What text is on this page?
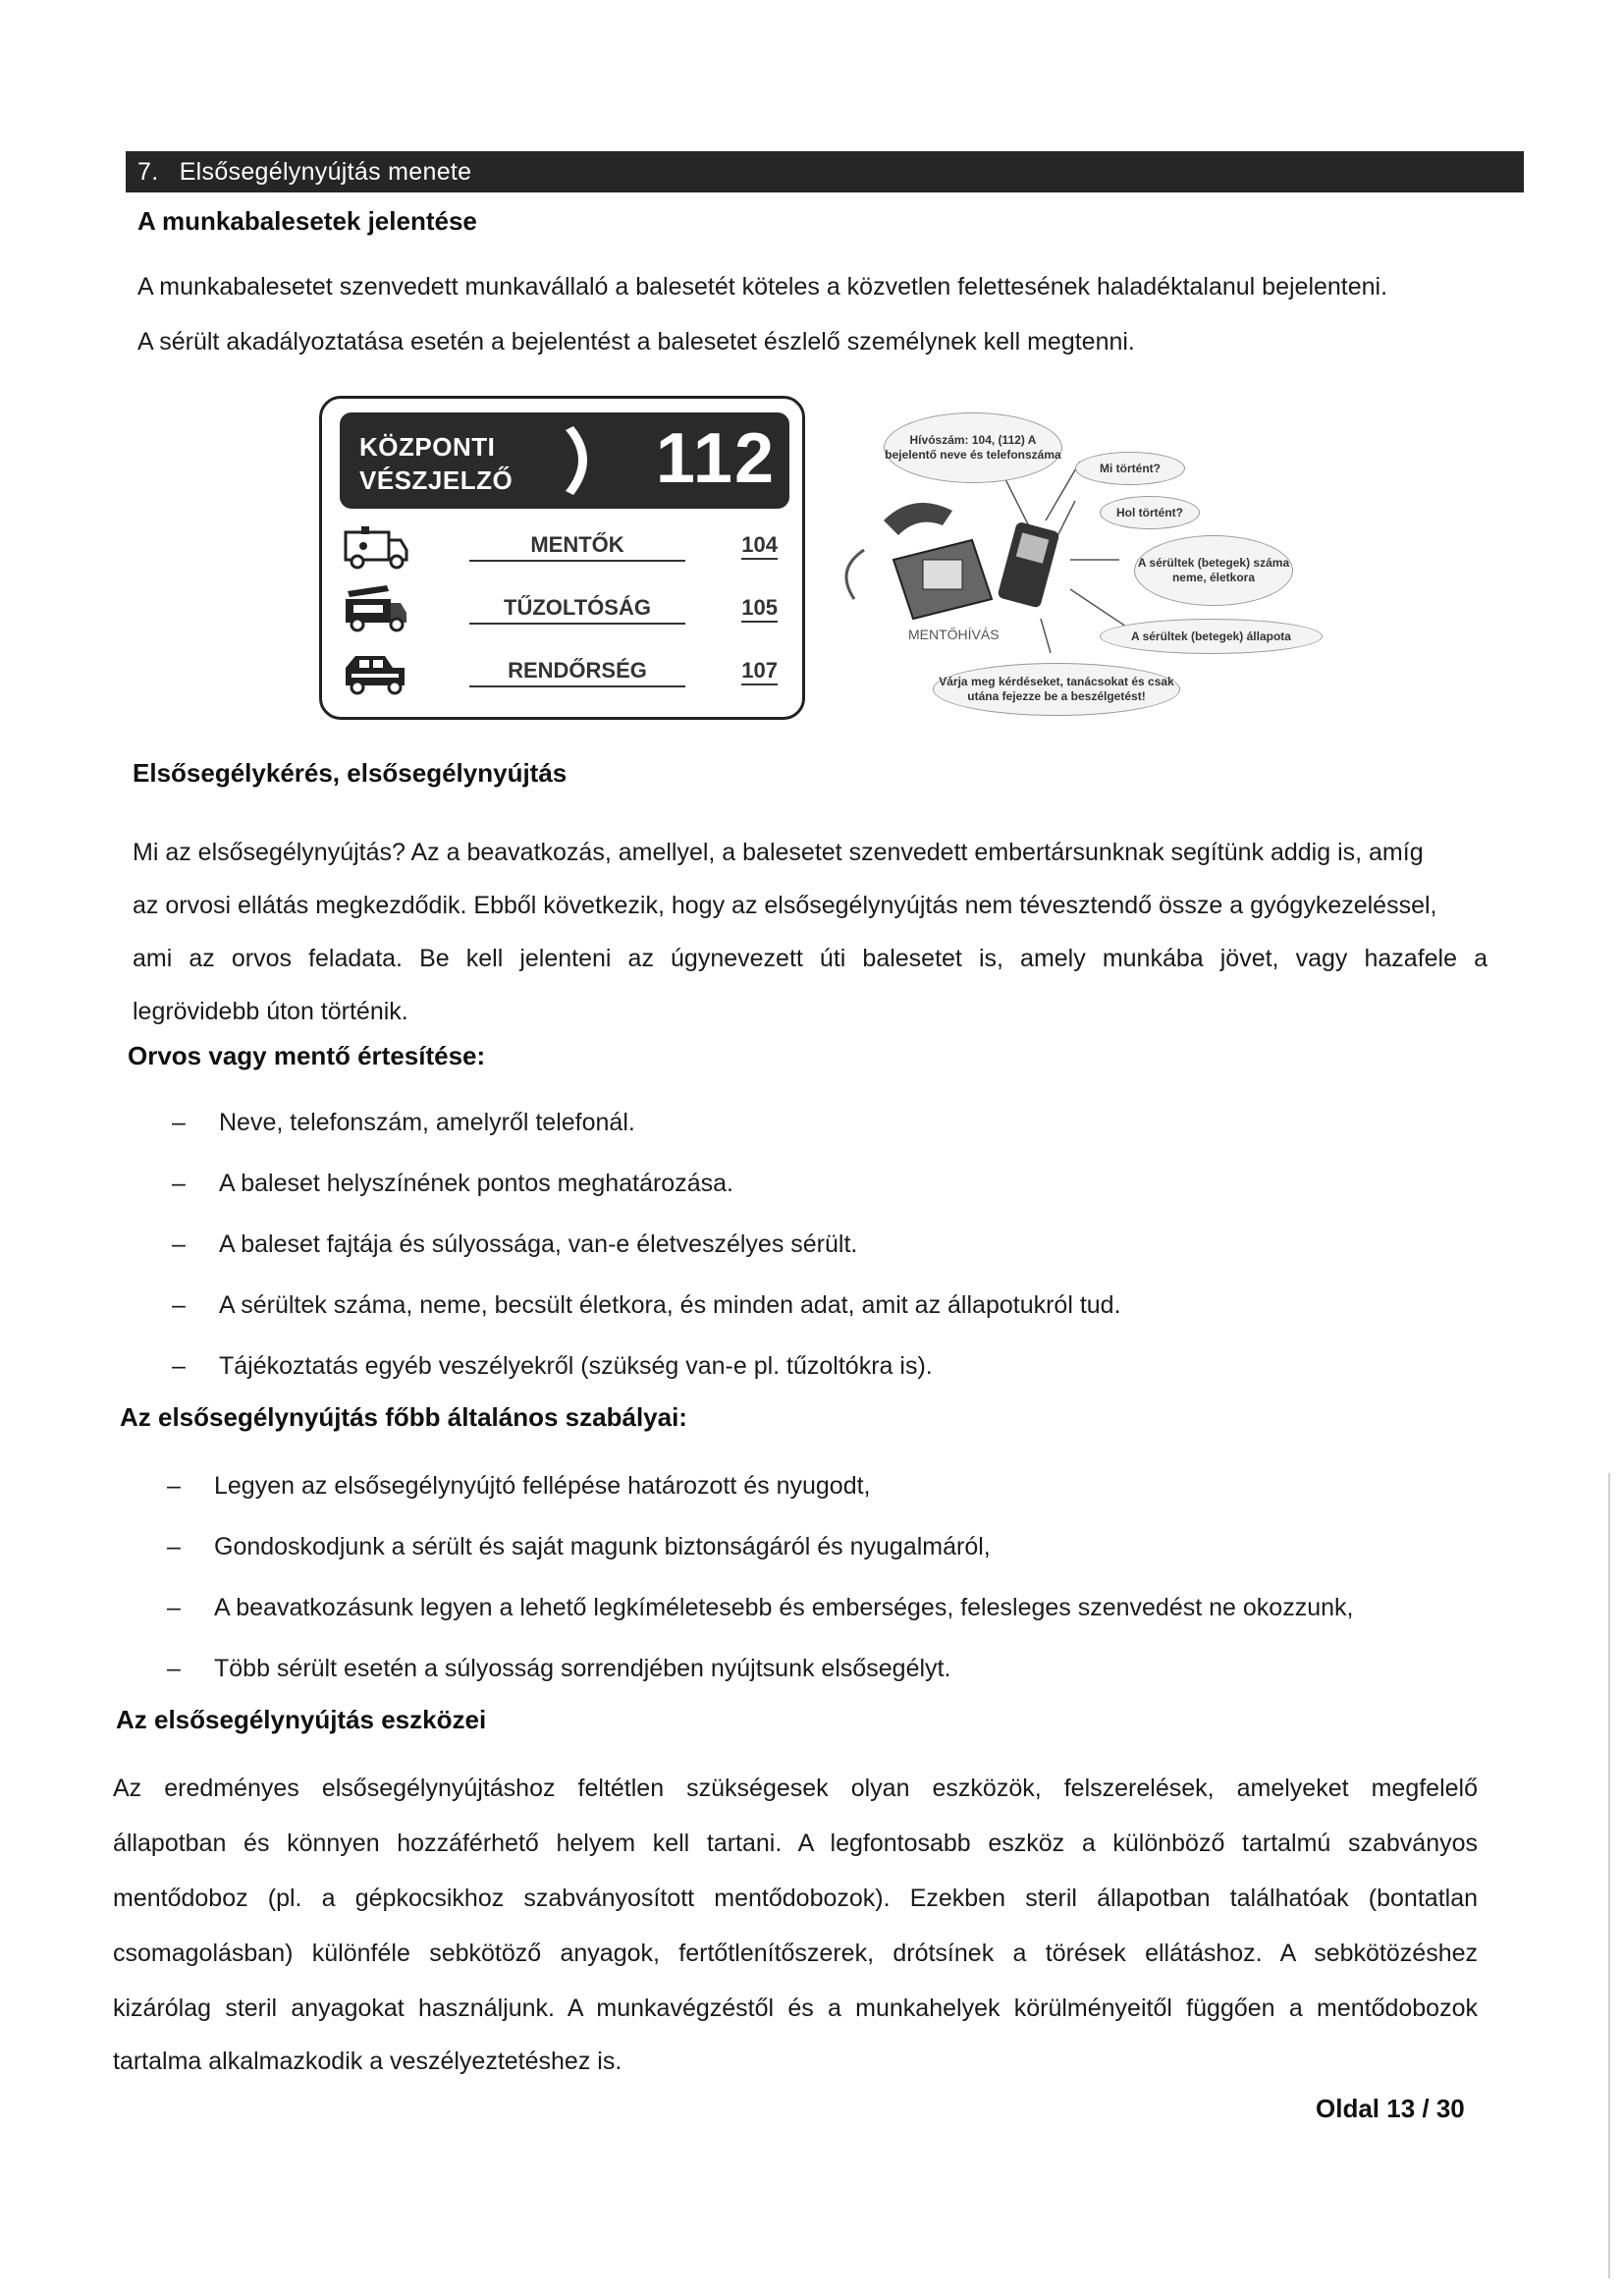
7. Elsősegélynyújtás menete
A munkabalesetek jelentése
A munkabalesetet szenvedett munkavállaló a balesetét köteles a közvetlen felettesének haladéktalanul bejelenteni.
A sérült akadályoztatása esetén a bejelentést a balesetet észlelő személynek kell megtenni.
KÖZPONTI
VÉSZJELZŐ 112
MENTŐK	104
TŰZOLTÓSÁG	105
RENDŐRSÉG	107
Hívószám: 104, (112) A bejelentő neve és telefonszáma
Mi történt?
Hol történt?
A sérültek (betegek) száma neme, életkora
A sérültek (betegek) állapota
Várja meg kérdéseket, tanácsokat és csak utána fejezze be a beszélgetést!
MENTŐHÍVÁS
Elsősegélykérés, elsősegélynyújtás
Mi az elsősegélynyújtás? Az a beavatkozás, amellyel, a balesetet szenvedett embertársunknak segítünk addig is, amíg
az orvosi ellátás megkezdődik. Ebből következik, hogy az elsősegélynyújtás nem tévesztendő össze a gyógykezeléssel,
ami az orvos feladata. Be kell jelenteni az úgynevezett úti balesetet is, amely munkába jövet, vagy hazafele a
legrövidebb úton történik.
Orvos vagy mentő értesítése:
– Neve, telefonszám, amelyről telefonál.
– A baleset helyszínének pontos meghatározása.
– A baleset fajtája és súlyossága, van-e életveszélyes sérült.
– A sérültek száma, neme, becsült életkora, és minden adat, amit az állapotukról tud.
– Tájékoztatás egyéb veszélyekről (szükség van-e pl. tűzoltókra is).
Az elsősegélynyújtás főbb általános szabályai:
– Legyen az elsősegélynyújtó fellépése határozott és nyugodt,
– Gondoskodjunk a sérült és saját magunk biztonságáról és nyugalmáról,
– A beavatkozásunk legyen a lehető legkíméletesebb és emberséges, felesleges szenvedést ne okozzunk,
– Több sérült esetén a súlyosság sorrendjében nyújtsunk elsősegélyt.
Az elsősegélynyújtás eszközei
Az eredményes elsősegélynyújtáshoz feltétlen szükségesek olyan eszközök, felszerelések, amelyeket megfelelő
állapotban és könnyen hozzáférhető helyem kell tartani. A legfontosabb eszköz a különböző tartalmú szabványos
mentődoboz (pl. a gépkocsikhoz szabványosított mentődobozok). Ezekben steril állapotban találhatóak (bontatlan
csomagolásban) különféle sebkötöző anyagok, fertőtlenítőszerek, drótsínek a törések ellátáshoz. A sebkötözéshez
kizárólag steril anyagokat használjunk. A munkavégzéstől és a munkahelyek körülményeitől függően a mentődobozok
tartalma alkalmazkodik a veszélyeztetéshez is.
Oldal 13 / 30
